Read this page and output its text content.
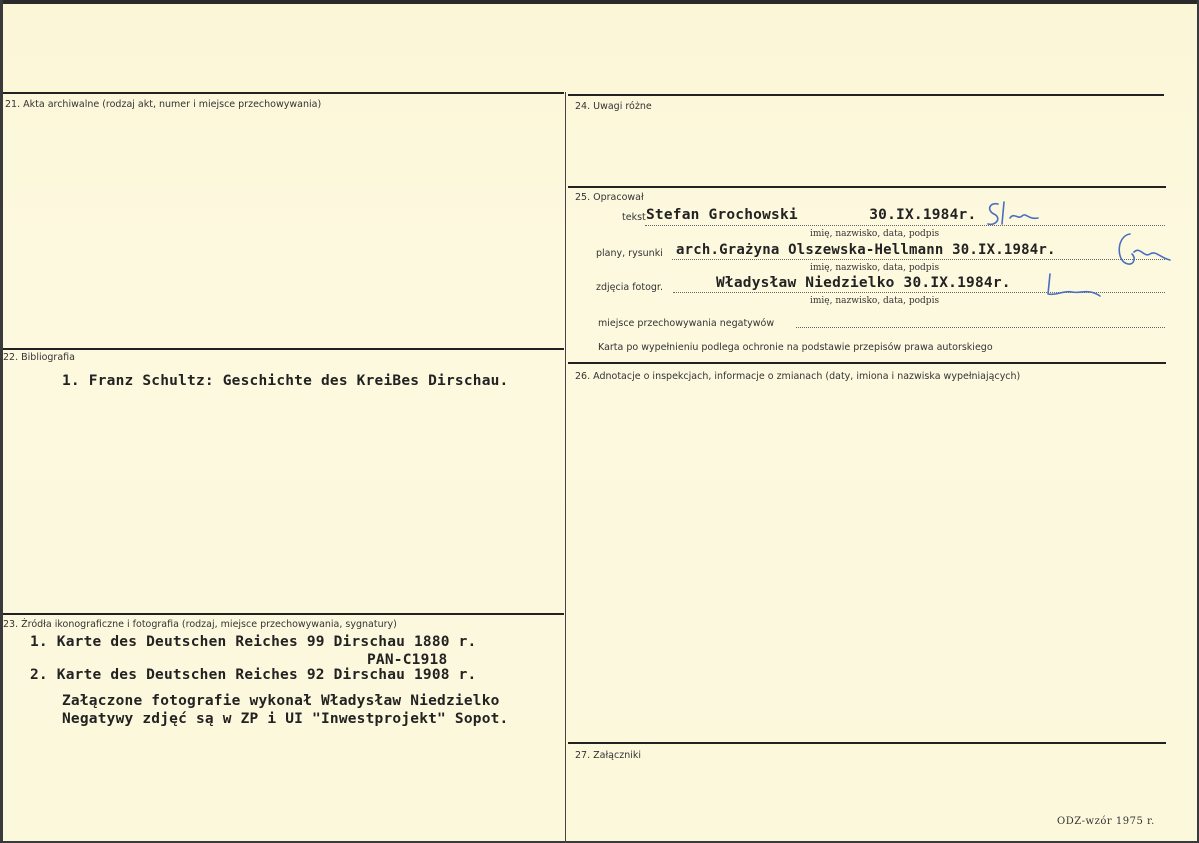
21. Akta archiwalne (rodzaj akt, numer i miejsce przechowywania)
22. Bibliografia
1. Franz Schultz: Geschichte des KreiBes Dirschau.
23. Źródła ikonograficzne i fotografia (rodzaj, miejsce przechowywania, sygnatury)
1. Karte des Deutschen Reiches 99 Dirschau 1880 r.
PAN-C1918
2. Karte des Deutschen Reiches 92 Dirschau 1908 r.
Załączone fotografie wykonał Władysław Niedzielko
Negatywy zdjęć są w ZP i UI "Inwestprojekt" Sopot.
24. Uwagi różne
25. Opracował
tekst Stefan Grochowski        30.IX.1984r.
imię, nazwisko, data, podpis
plany, rysunki arch.Grażyna Olszewska-Hellmann 30.IX.1984r.
imię, nazwisko, data, podpis
zdjęcia fotogr.	Władysław Niedzielko 30.IX.1984r.
imię, nazwisko, data, podpis
miejsce przechowywania negatywów
Karta po wypełnieniu podlega ochronie na podstawie przepisów prawa autorskiego
26. Adnotacje o inspekcjach, informacje o zmianach (daty, imiona i nazwiska wypełniających)
27. Załączniki
ODZ-wzór 1975 r.
